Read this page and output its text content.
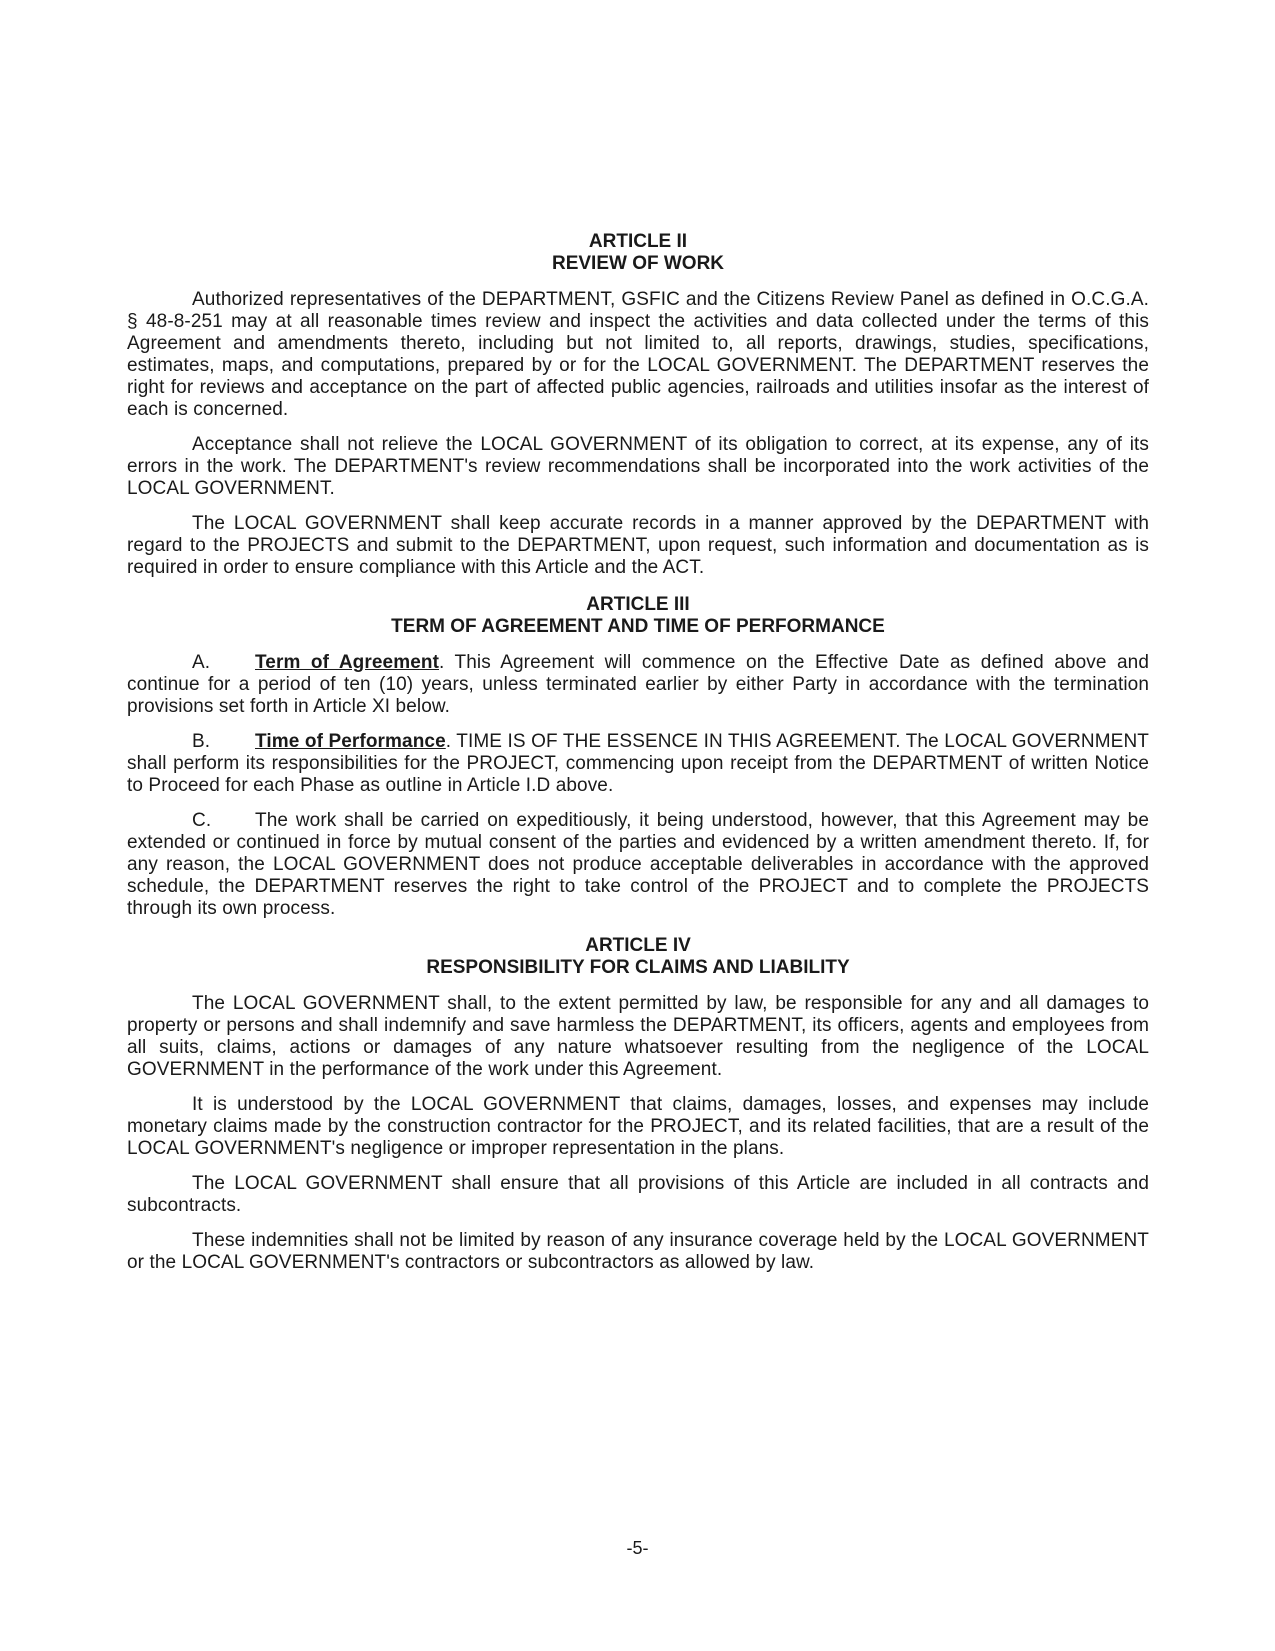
ARTICLE II
REVIEW OF WORK

Authorized representatives of the DEPARTMENT, GSFIC and the Citizens Review Panel as defined in O.C.G.A. § 48-8-251 may at all reasonable times review and inspect the activities and data collected under the terms of this Agreement and amendments thereto, including but not limited to, all reports, drawings, studies, specifications, estimates, maps, and computations, prepared by or for the LOCAL GOVERNMENT. The DEPARTMENT reserves the right for reviews and acceptance on the part of affected public agencies, railroads and utilities insofar as the interest of each is concerned.

Acceptance shall not relieve the LOCAL GOVERNMENT of its obligation to correct, at its expense, any of its errors in the work. The DEPARTMENT's review recommendations shall be incorporated into the work activities of the LOCAL GOVERNMENT.

The LOCAL GOVERNMENT shall keep accurate records in a manner approved by the DEPARTMENT with regard to the PROJECTS and submit to the DEPARTMENT, upon request, such information and documentation as is required in order to ensure compliance with this Article and the ACT.

ARTICLE III
TERM OF AGREEMENT AND TIME OF PERFORMANCE

A. Term of Agreement. This Agreement will commence on the Effective Date as defined above and continue for a period of ten (10) years, unless terminated earlier by either Party in accordance with the termination provisions set forth in Article XI below.

B. Time of Performance. TIME IS OF THE ESSENCE IN THIS AGREEMENT. The LOCAL GOVERNMENT shall perform its responsibilities for the PROJECT, commencing upon receipt from the DEPARTMENT of written Notice to Proceed for each Phase as outline in Article I.D above.

C. The work shall be carried on expeditiously, it being understood, however, that this Agreement may be extended or continued in force by mutual consent of the parties and evidenced by a written amendment thereto. If, for any reason, the LOCAL GOVERNMENT does not produce acceptable deliverables in accordance with the approved schedule, the DEPARTMENT reserves the right to take control of the PROJECT and to complete the PROJECTS through its own process.

ARTICLE IV
RESPONSIBILITY FOR CLAIMS AND LIABILITY

The LOCAL GOVERNMENT shall, to the extent permitted by law, be responsible for any and all damages to property or persons and shall indemnify and save harmless the DEPARTMENT, its officers, agents and employees from all suits, claims, actions or damages of any nature whatsoever resulting from the negligence of the LOCAL GOVERNMENT in the performance of the work under this Agreement.

It is understood by the LOCAL GOVERNMENT that claims, damages, losses, and expenses may include monetary claims made by the construction contractor for the PROJECT, and its related facilities, that are a result of the LOCAL GOVERNMENT's negligence or improper representation in the plans.

The LOCAL GOVERNMENT shall ensure that all provisions of this Article are included in all contracts and subcontracts.

These indemnities shall not be limited by reason of any insurance coverage held by the LOCAL GOVERNMENT or the LOCAL GOVERNMENT's contractors or subcontractors as allowed by law.

-5-
